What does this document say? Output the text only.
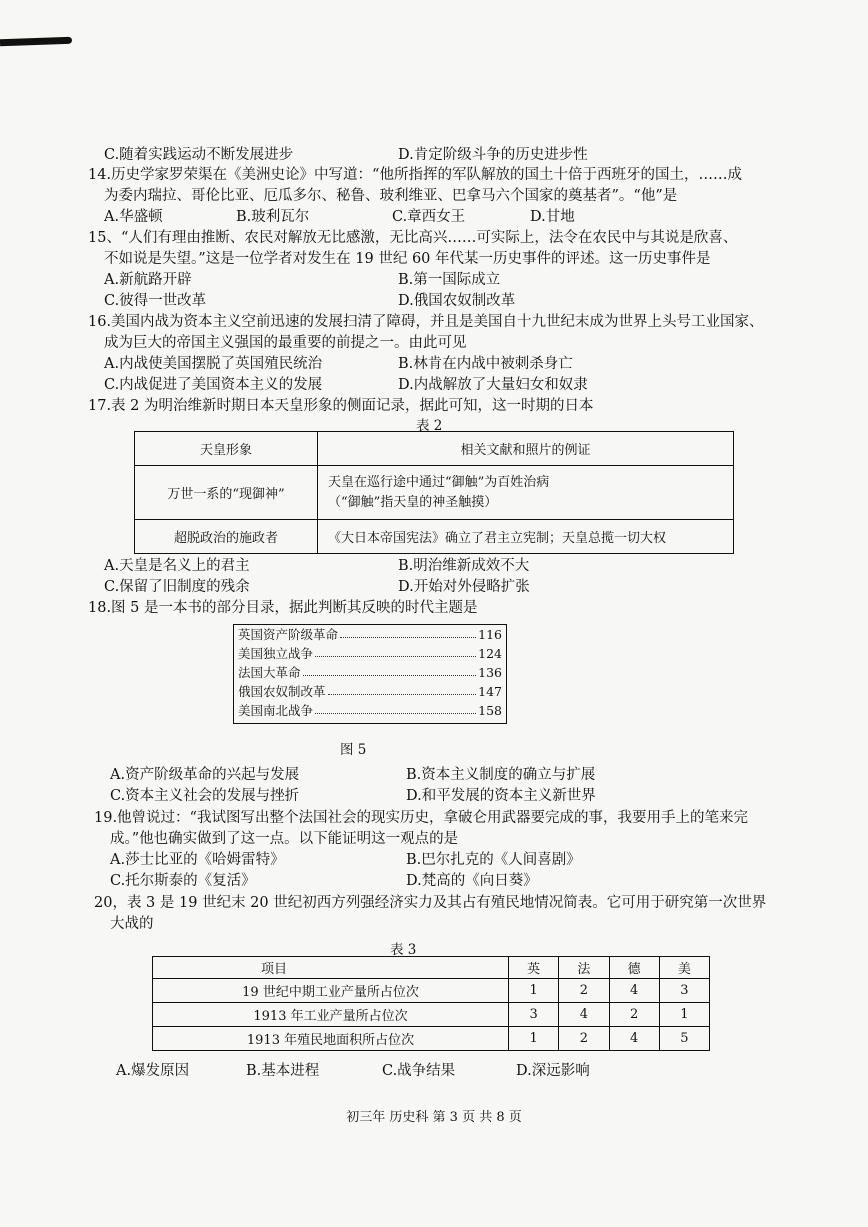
C.随着实践运动不断发展进步	D.肯定阶级斗争的历史进步性
14.历史学家罗荣渠在《美洲史论》中写道：“他所指挥的军队解放的国土十倍于西班牙的国土，……成
为委内瑞拉、哥伦比亚、厄瓜多尔、秘鲁、玻利维亚、巴拿马六个国家的奠基者”。“他”是
A.华盛顿	B.玻利瓦尔	C.章西女王	D.甘地
15、“人们有理由推断、农民对解放无比感激，无比高兴……可实际上，法令在农民中与其说是欣喜、
不如说是失望。”这是一位学者对发生在 19 世纪 60 年代某一历史事件的评述。这一历史事件是
A.新航路开辟	B.第一国际成立
C.彼得一世改革	D.俄国农奴制改革
16.美国内战为资本主义空前迅速的发展扫清了障碍，并且是美国自十九世纪末成为世界上头号工业国家、
成为巨大的帝国主义强国的最重要的前提之一。由此可见
A.内战使美国摆脱了英国殖民统治	B.林肯在内战中被刺杀身亡
C.内战促进了美国资本主义的发展	D.内战解放了大量妇女和奴隶
17.表 2 为明治维新时期日本天皇形象的侧面记录，据此可知，这一时期的日本
表 2
天皇形象	相关文献和照片的例证
万世一系的“现御神”	天皇在巡行途中通过“御触”为百姓治病
（“御触”指天皇的神圣触摸）

超脱政治的施政者	《大日本帝国宪法》确立了君主立宪制；天皇总揽一切大权
A.天皇是名义上的君主	B.明治维新成效不大
C.保留了旧制度的残余	D.开始对外侵略扩张
18.图 5 是一本书的部分目录，据此判断其反映的时代主题是
英国资产阶级革命	116
美国独立战争	124
法国大革命	136
俄国农奴制改革	147
美国南北战争	158
图 5
A.资产阶级革命的兴起与发展	B.资本主义制度的确立与扩展
C.资本主义社会的发展与挫折	D.和平发展的资本主义新世界
19.他曾说过：“我试图写出整个法国社会的现实历史，拿破仑用武器要完成的事，我要用手上的笔来完
成。”他也确实做到了这一点。以下能证明这一观点的是
A.莎士比亚的《哈姆雷特》	B.巴尔扎克的《人间喜剧》
C.托尔斯泰的《复活》	D.梵高的《向日葵》
20，表 3 是 19 世纪末 20 世纪初西方列强经济实力及其占有殖民地情况简表。它可用于研究第一次世界
大战的
表 3
项目	英	法	德	美
19 世纪中期工业产量所占位次	1	2	4	3
1913 年工业产量所占位次	3	4	2	1
1913 年殖民地面积所占位次	1	2	4	5
A.爆发原因	B.基本进程	C.战争结果	D.深远影响
初三年 历史科 第 3 页 共 8 页
